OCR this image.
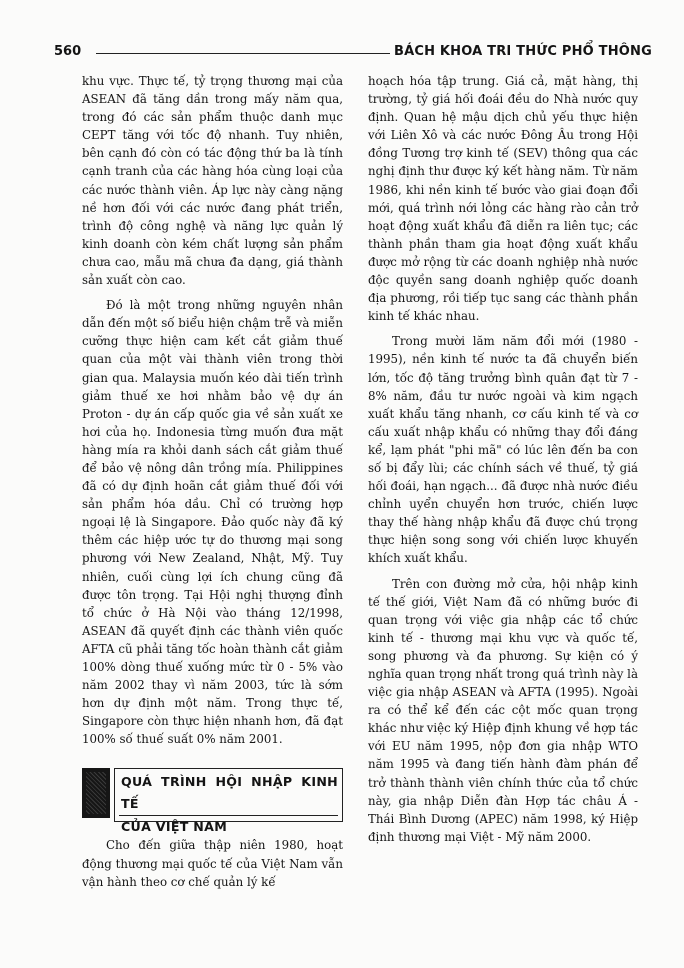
560	BÁCH KHOA TRI THỨC PHỔ THÔNG

khu vực. Thực tế, tỷ trọng thương mại của ASEAN đã tăng dần trong mấy năm qua, trong đó các sản phẩm thuộc danh mục CEPT tăng với tốc độ nhanh. Tuy nhiên, bên cạnh đó còn có tác động thứ ba là tính cạnh tranh của các hàng hóa cùng loại của các nước thành viên. Áp lực này càng nặng nề hơn đối với các nước đang phát triển, trình độ công nghệ và năng lực quản lý kinh doanh còn kém chất lượng sản phẩm chưa cao, mẫu mã chưa đa dạng, giá thành sản xuất còn cao.

Đó là một trong những nguyên nhân dẫn đến một số biểu hiện chậm trễ và miễn cưỡng thực hiện cam kết cắt giảm thuế quan của một vài thành viên trong thời gian qua. Malaysia muốn kéo dài tiến trình giảm thuế xe hơi nhằm bảo vệ dự án Proton - dự án cấp quốc gia về sản xuất xe hơi của họ. Indonesia từng muốn đưa mặt hàng mía ra khỏi danh sách cắt giảm thuế để bảo vệ nông dân trồng mía. Philippines đã có dự định hoãn cắt giảm thuế đối với sản phẩm hóa dầu. Chỉ có trường hợp ngoại lệ là Singapore. Đảo quốc này đã ký thêm các hiệp ước tự do thương mại song phương với New Zealand, Nhật, Mỹ. Tuy nhiên, cuối cùng lợi ích chung cũng đã được tôn trọng. Tại Hội nghị thượng đỉnh tổ chức ở Hà Nội vào tháng 12/1998, ASEAN đã quyết định các thành viên quốc AFTA cũ phải tăng tốc hoàn thành cắt giảm 100% dòng thuế xuống mức từ 0 - 5% vào năm 2002 thay vì năm 2003, tức là sớm hơn dự định một năm. Trong thực tế, Singapore còn thực hiện nhanh hơn, đã đạt 100% số thuế suất 0% năm 2001.

QUÁ TRÌNH HỘI NHẬP KINH TẾ
CỦA VIỆT NAM

Cho đến giữa thập niên 1980, hoạt động thương mại quốc tế của Việt Nam vẫn vận hành theo cơ chế quản lý kế

hoạch hóa tập trung. Giá cả, mặt hàng, thị trường, tỷ giá hối đoái đều do Nhà nước quy định. Quan hệ mậu dịch chủ yếu thực hiện với Liên Xô và các nước Đông Âu trong Hội đồng Tương trợ kinh tế (SEV) thông qua các nghị định thư được ký kết hàng năm. Từ năm 1986, khi nền kinh tế bước vào giai đoạn đổi mới, quá trình nới lỏng các hàng rào cản trở hoạt động xuất khẩu đã diễn ra liên tục; các thành phần tham gia hoạt động xuất khẩu được mở rộng từ các doanh nghiệp nhà nước độc quyền sang doanh nghiệp quốc doanh địa phương, rồi tiếp tục sang các thành phần kinh tế khác nhau.

Trong mười lăm năm đổi mới (1980 - 1995), nền kinh tế nước ta đã chuyển biến lớn, tốc độ tăng trưởng bình quân đạt từ 7 - 8% năm, đầu tư nước ngoài và kim ngạch xuất khẩu tăng nhanh, cơ cấu kinh tế và cơ cấu xuất nhập khẩu có những thay đổi đáng kể, lạm phát "phi mã" có lúc lên đến ba con số bị đẩy lùi; các chính sách về thuế, tỷ giá hối đoái, hạn ngạch... đã được nhà nước điều chỉnh uyển chuyển hơn trước, chiến lược thay thế hàng nhập khẩu đã được chú trọng thực hiện song song với chiến lược khuyến khích xuất khẩu.

Trên con đường mở cửa, hội nhập kinh tế thế giới, Việt Nam đã có những bước đi quan trọng với việc gia nhập các tổ chức kinh tế - thương mại khu vực và quốc tế, song phương và đa phương. Sự kiện có ý nghĩa quan trọng nhất trong quá trình này là việc gia nhập ASEAN và AFTA (1995). Ngoài ra có thể kể đến các cột mốc quan trọng khác như việc ký Hiệp định khung về hợp tác với EU năm 1995, nộp đơn gia nhập WTO năm 1995 và đang tiến hành đàm phán để trở thành thành viên chính thức của tổ chức này, gia nhập Diễn đàn Hợp tác châu Á - Thái Bình Dương (APEC) năm 1998, ký Hiệp định thương mại Việt - Mỹ năm 2000.
